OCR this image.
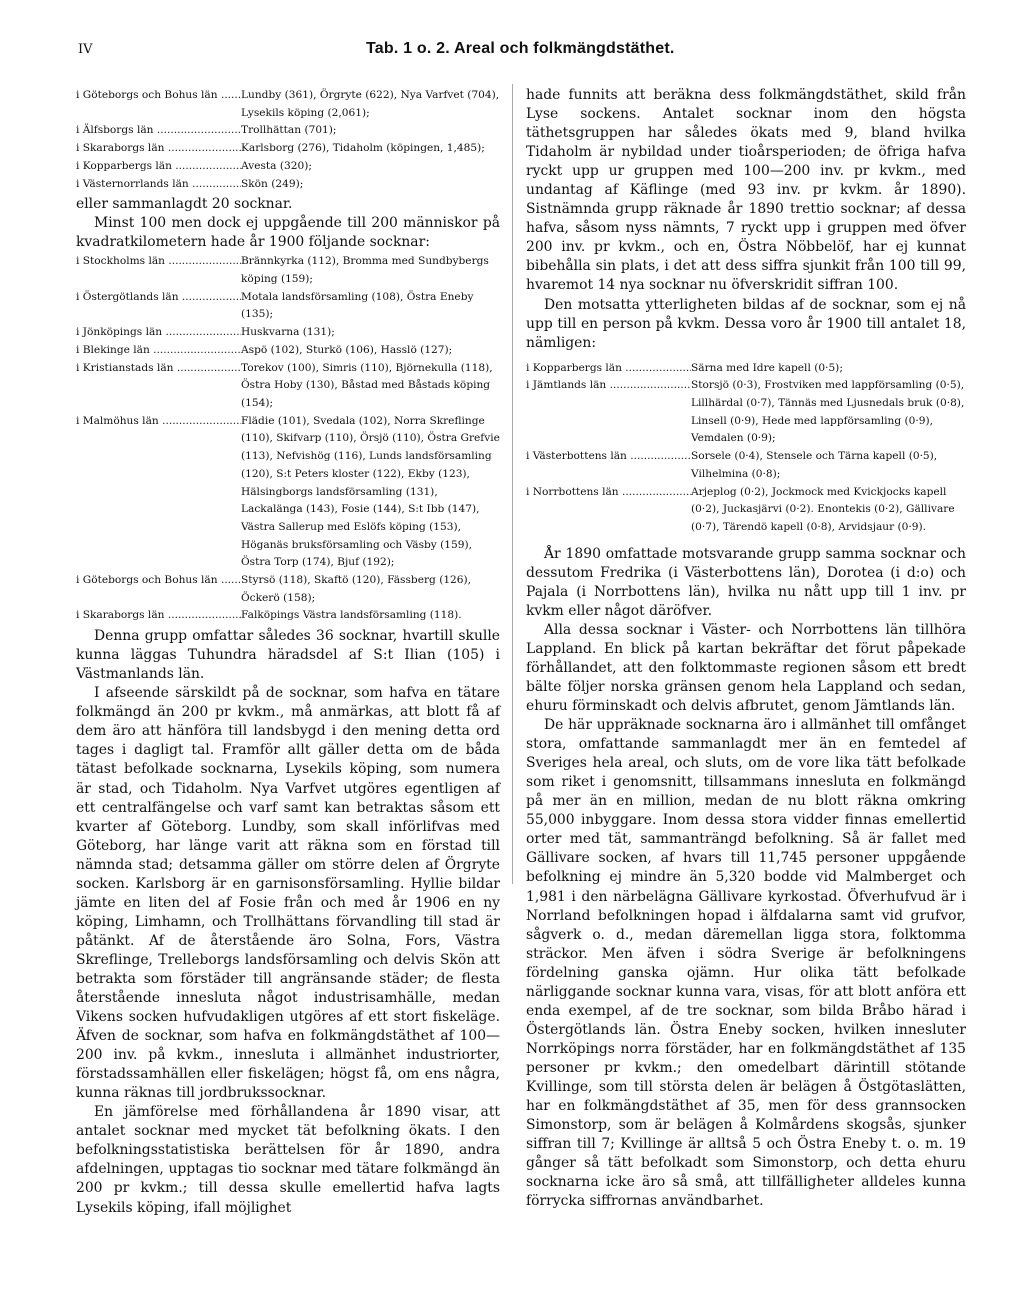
IV	Tab. 1 o. 2. Areal och folkmängdstäthet.
i Göteborgs och Bohus län .....	Lundby (361), Örgryte (622), Nya Varfvet (704), Lysekils köping (2,061);
i Älfsborgs län .....	Trollhättan (701);
i Skaraborgs län .....	Karlsborg (276), Tidaholm (köpingen, 1,485);
i Kopparbergs län .....	Avesta (320);
i Västernorrlands län .....	Skön (249);

eller sammanlagdt 20 socknar.

Minst 100 men dock ej uppgående till 200 människor på kvadratkilometern hade år 1900 följande socknar:

i Stockholms län .....	Brännkyrka (112), Bromma med Sundbybergs köping (159);
i Östergötlands län .....	Motala landsförsamling (108), Östra Eneby (135);
i Jönköpings län .....	Huskvarna (131);
i Blekinge län .....	Aspö (102), Sturkö (106), Hasslö (127);
i Kristianstads län .....	Torekov (100), Simris (110), Björnekulla (118), Östra Hoby (130), Båstad med Båstads köping (154);
i Malmöhus län .....	Flädie (101), Svedala (102), Norra Skreflinge (110), Skifvarp (110), Örsjö (110), Östra Grefvie (113), Nefvishög (116), Lunds landsförsamling (120), S:t Peters kloster (122), Ekby (123), Hälsingborgs landsförsamling (131), Lackalänga (143), Fosie (144), S:t Ibb (147), Västra Sallerup med Eslöfs köping (153), Höganäs bruksförsamling och Väsby (159), Östra Torp (174), Bjuf (192);
i Göteborgs och Bohus län .....	Styrsö (118), Skaftö (120), Fässberg (126), Öckerö (158);
i Skaraborgs län .....	Falköpings Västra landsförsamling (118).

Denna grupp omfattar således 36 socknar, hvartill skulle kunna läggas Tuhundra häradsdel af S:t Ilian (105) i Västmanlands län.

I afseende särskildt på de socknar, som hafva en tätare folkmängd än 200 pr kvkm., må anmärkas, att blott få af dem äro att hänföra till landsbygd i den mening detta ord tages i dagligt tal. Framför allt gäller detta om de båda tätast befolkade socknarna, Lysekils köping, som numera är stad, och Tidaholm. Nya Varfvet utgöres egentligen af ett centralfängelse och varf samt kan betraktas såsom ett kvarter af Göteborg. Lundby, som skall införlifvas med Göteborg, har länge varit att räkna som en förstad till nämnda stad; detsamma gäller om större delen af Örgryte socken. Karlsborg är en garnisonsförsamling. Hyllie bildar jämte en liten del af Fosie från och med år 1906 en ny köping, Limhamn, och Trollhättans förvandling till stad är påtänkt. Af de återstående äro Solna, Fors, Västra Skreflinge, Trelleborgs landsförsamling och delvis Skön att betrakta som förstäder till angränsande städer; de flesta återstående inneslutа något industrisamhälle, medan Vikens socken hufvudakligen utgöres af ett stort fiskeläge. Äfven de socknar, som hafva en folkmängdstäthet af 100—200 inv. på kvkm., inneslutа i allmänhet industriorter, förstadssamhällen eller fiskelägen; högst få, om ens några, kunna räknas till jordbrukssocknar.

En jämförelse med förhållandena år 1890 visar, att antalet socknar med mycket tät befolkning ökats. I den befolkningsstatistiska berättelsen för år 1890, andra afdelningen, upptagas tio socknar med tätare folkmängd än 200 pr kvkm.; till dessa skulle emellertid hafva lagts Lysekils köping, ifall möjlighet

hade funnits att beräkna dess folkmängdstäthet, skild från Lyse sockens. Antalet socknar inom den högsta täthetsgruppen har således ökats med 9, bland hvilka Tidaholm är nybildad under tioårsperioden; de öfriga hafva ryckt upp ur gruppen med 100—200 inv. pr kvkm., med undantag af Käflinge (med 93 inv. pr kvkm. år 1890). Sistnämnda grupp räknade år 1890 trettio socknar; af dessa hafva, såsom nyss nämnts, 7 ryckt upp i gruppen med öfver 200 inv. pr kvkm., och en, Östra Nöbbelöf, har ej kunnat bibehålla sin plats, i det att dess siffra sjunkit från 100 till 99, hvaremot 14 nya socknar nu öfverskridit siffran 100.

Den motsatta ytterligheten bildas af de socknar, som ej nå upp till en person på kvkm. Dessa voro år 1900 till antalet 18, nämligen:

i Kopparbergs län .....	Särna med Idre kapell (0·5);
i Jämtlands län .....	Storsjö (0·3), Frostviken med lappförsamling (0·5), Lillhärdal (0·7), Tännäs med Ljusnedals bruk (0·8), Linsell (0·9), Hede med lappförsamling (0·9), Vemdalen (0·9);
i Västerbottens län .....	Sorsele (0·4), Stensele och Tärna kapell (0·5), Vilhelmina (0·8);
i Norrbottens län .....	Arjeplog (0·2), Jockmock med Kvickjocks kapell (0·2), Juckasjärvi (0·2). Enontekis (0·2), Gällivare (0·7), Tärendö kapell (0·8), Arvidsjaur (0·9).

År 1890 omfattade motsvarande grupp samma socknar och dessutom Fredrika (i Västerbottens län), Dorotea (i d:o) och Pajala (i Norrbottens län), hvilka nu nått upp till 1 inv. pr kvkm eller något däröfver.

Alla dessa socknar i Väster- och Norrbottens län tillhöra Lappland. En blick på kartan bekräftar det förut påpekade förhållandet, att den folktommaste regionen såsom ett bredt bälte följer norska gränsen genom hela Lappland och sedan, ehuru förminskadt och delvis afbrutet, genom Jämtlands län.

De här uppräknade socknarna äro i allmänhet till omfånget stora, omfattande sammanlagdt mer än en femtedel af Sveriges hela areal, och sluts, om de vore lika tätt befolkade som riket i genomsnitt, tillsammans inneslutа en folkmängd på mer än en million, medan de nu blott räkna omkring 55,000 inbyggare. Inom dessa stora vidder finnas emellertid orter med tät, sammanträngd befolkning. Så är fallet med Gällivare socken, af hvars till 11,745 personer uppgående befolkning ej mindre än 5,320 bodde vid Malmberget och 1,981 i den närbelägna Gällivare kyrkostad. Öfverhufvud är i Norrland befolkningen hopad i älfdalarna samt vid grufvor, sågverk o. d., medan däremellan ligga stora, folktomma sträckor. Men äfven i södra Sverige är befolkningens fördelning ganska ojämn. Hur olika tätt befolkade närliggande socknar kunna vara, visas, för att blott anföra ett enda exempel, af de tre socknar, som bilda Bråbo härad i Östergötlands län. Östra Eneby socken, hvilken innesluter Norrköpings norra förstäder, har en folkmängdstäthet af 135 personer pr kvkm.; den omedelbart därintill stötande Kvillinge, som till största delen är belägen å Östgötaslätten, har en folkmängdstäthet af 35, men för dess grannsocken Simonstorp, som är belägen å Kolmårdens skogsås, sjunker siffran till 7; Kvillinge är alltså 5 och Östra Eneby t. o. m. 19 gånger så tätt befolkadt som Simonstorp, och detta ehuru socknarna icke äro så små, att tillfälligheter alldeles kunna förrycka siffrornas användbarhet.
